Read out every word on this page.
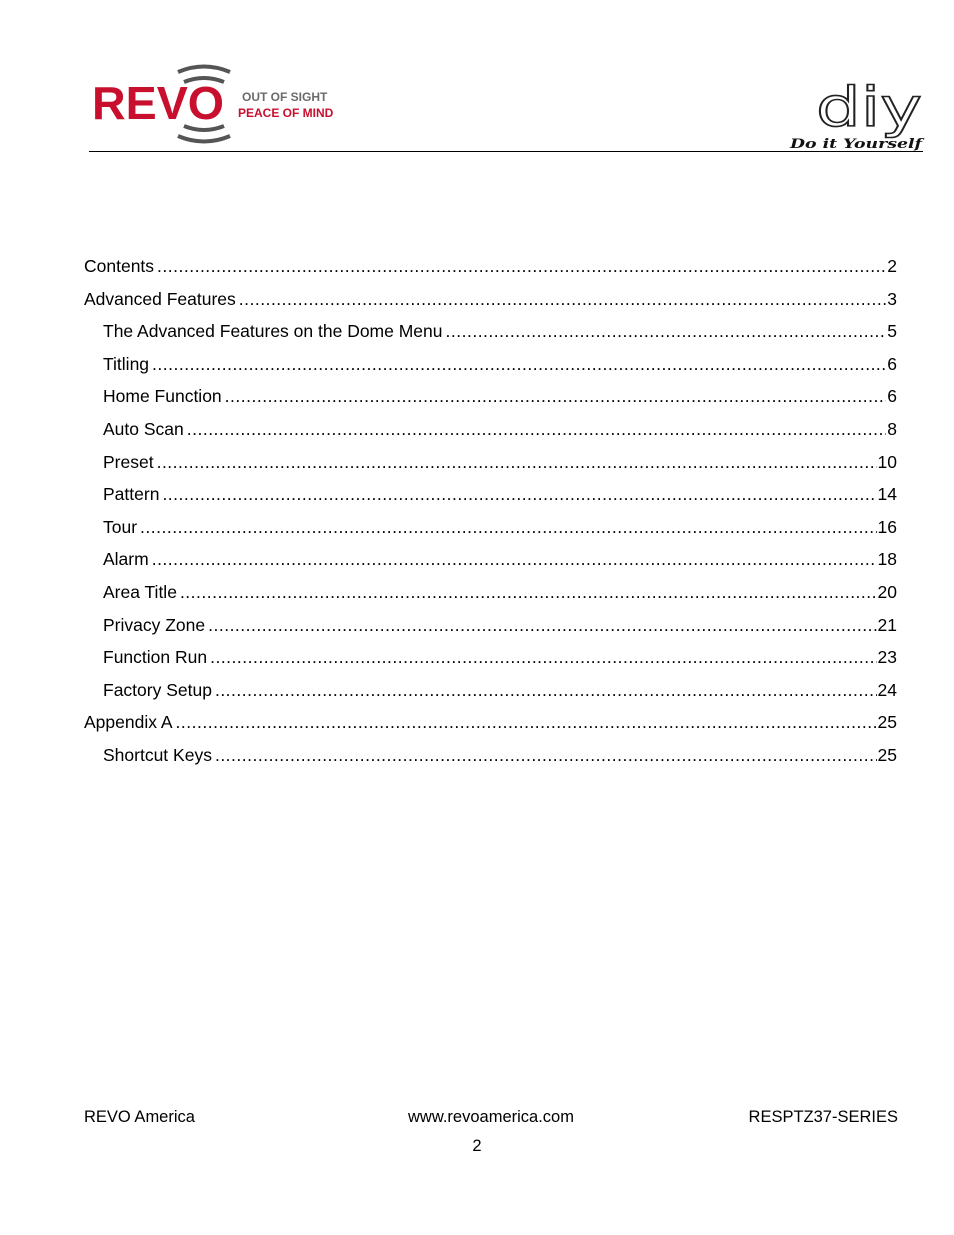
REVO OUT OF SIGHT
PEACE OF MIND	diy
Do it Yourself
Contents .....	2
Advanced Features .....	3
The Advanced Features on the Dome Menu .....	5
Titling .....	6
Home Function .....	6
Auto Scan .....	8
Preset .....	10
Pattern .....	14
Tour .....	16
Alarm .....	18
Area Title .....	20
Privacy Zone .....	21
Function Run .....	23
Factory Setup .....	24
Appendix A .....	25
Shortcut Keys .....	25
REVO America	www.revoamerica.com	RESPTZ37-SERIES
2
